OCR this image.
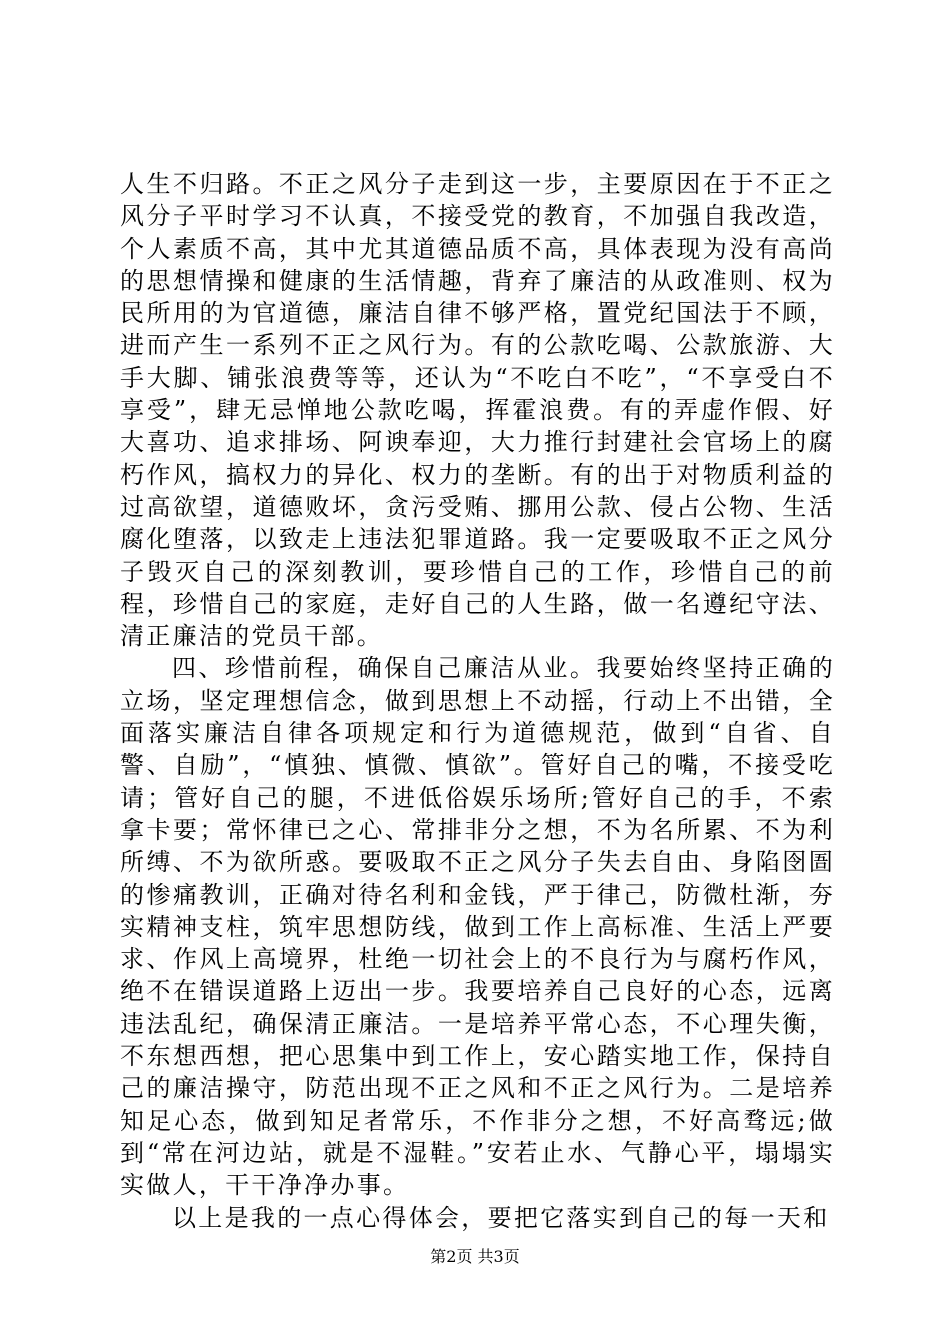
人生不归路。不正之风分子走到这一步，主要原因在于不正之风分子平时学习不认真，不接受党的教育，不加强自我改造，个人素质不高，其中尤其道德品质不高，具体表现为没有高尚的思想情操和健康的生活情趣，背弃了廉洁的从政准则、权为民所用的为官道德，廉洁自律不够严格，置党纪国法于不顾，进而产生一系列不正之风行为。有的公款吃喝、公款旅游、大手大脚、铺张浪费等等，还认为“不吃白不吃”，“不享受白不享受”，肆无忌惮地公款吃喝，挥霍浪费。有的弄虚作假、好大喜功、追求排场、阿谀奉迎，大力推行封建社会官场上的腐朽作风，搞权力的异化、权力的垄断。有的出于对物质利益的过高欲望，道德败坏，贪污受贿、挪用公款、侵占公物、生活腐化堕落，以致走上违法犯罪道路。我一定要吸取不正之风分子毁灭自己的深刻教训，要珍惜自己的工作，珍惜自己的前程，珍惜自己的家庭，走好自己的人生路，做一名遵纪守法、清正廉洁的党员干部。

四、珍惜前程，确保自己廉洁从业。我要始终坚持正确的立场，坚定理想信念，做到思想上不动摇，行动上不出错，全面落实廉洁自律各项规定和行为道德规范，做到“自省、自警、自励”，“慎独、慎微、慎欲”。管好自己的嘴，不接受吃请；管好自己的腿，不进低俗娱乐场所;管好自己的手，不索拿卡要；常怀律已之心、常排非分之想，不为名所累、不为利所缚、不为欲所惑。要吸取不正之风分子失去自由、身陷囹圄的惨痛教训，正确对待名利和金钱，严于律己，防微杜渐，夯实精神支柱，筑牢思想防线，做到工作上高标准、生活上严要求、作风上高境界，杜绝一切社会上的不良行为与腐朽作风，绝不在错误道路上迈出一步。我要培养自己良好的心态，远离违法乱纪，确保清正廉洁。一是培养平常心态，不心理失衡，不东想西想，把心思集中到工作上，安心踏实地工作，保持自己的廉洁操守，防范出现不正之风和不正之风行为。二是培养知足心态，做到知足者常乐，不作非分之想，不好高骛远;做到“常在河边站，就是不湿鞋。”安若止水、气静心平，塌塌实实做人，干干净净办事。

以上是我的一点心得体会，要把它落实到自己的每一天和

第2页 共3页
